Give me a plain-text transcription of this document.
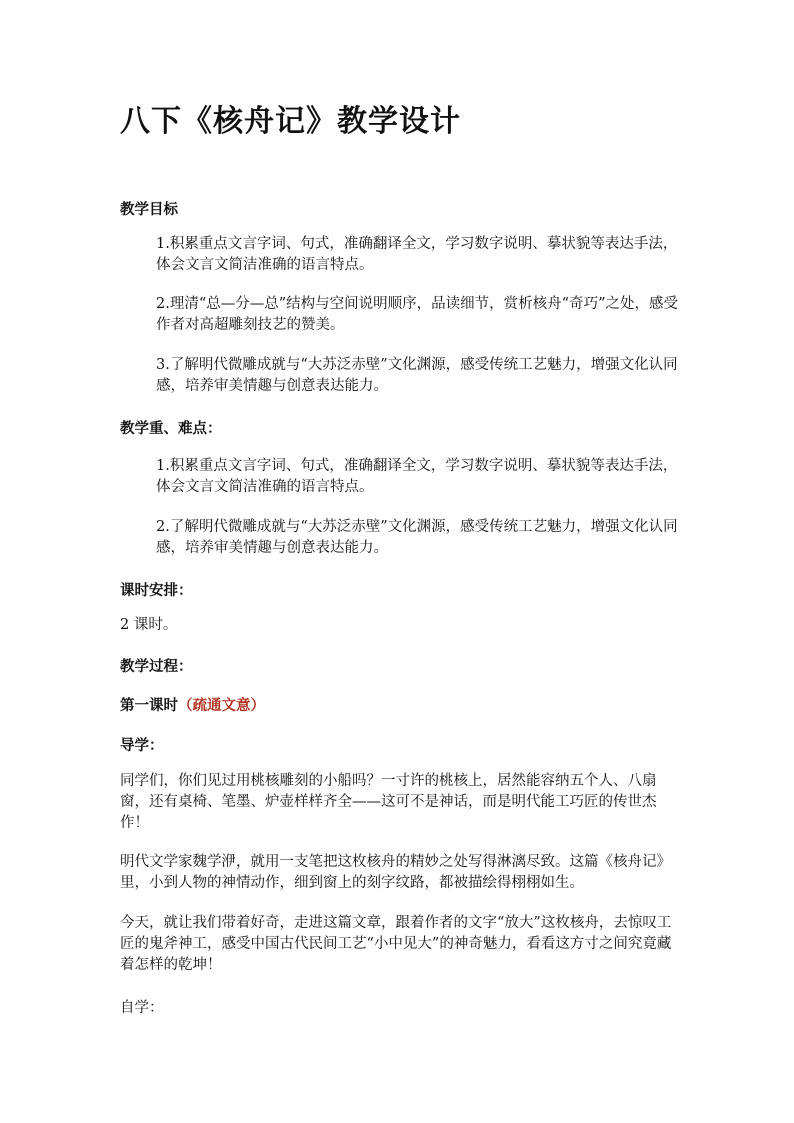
八下《核舟记》教学设计
教学目标

1.积累重点文言字词、句式，准确翻译全文，学习数字说明、摹状貌等表达手法，体会文言文简洁准确的语言特点。

2.理清“总—分—总”结构与空间说明顺序，品读细节，赏析核舟“奇巧”之处，感受作者对高超雕刻技艺的赞美。

3.了解明代微雕成就与“大苏泛赤壁”文化渊源，感受传统工艺魅力，增强文化认同感，培养审美情趣与创意表达能力。

教学重、难点：

1.积累重点文言字词、句式，准确翻译全文，学习数字说明、摹状貌等表达手法，体会文言文简洁准确的语言特点。

2.了解明代微雕成就与“大苏泛赤壁”文化渊源，感受传统工艺魅力，增强文化认同感，培养审美情趣与创意表达能力。

课时安排：

2 课时。

教学过程：
第一课时（疏通文意）
导学：

同学们，你们见过用桃核雕刻的小船吗？一寸许的桃核上，居然能容纳五个人、八扇窗，还有桌椅、笔墨、炉壶样样齐全——这可不是神话，而是明代能工巧匠的传世杰作！

明代文学家魏学洢，就用一支笔把这枚核舟的精妙之处写得淋漓尽致。这篇《核舟记》里，小到人物的神情动作，细到窗上的刻字纹路，都被描绘得栩栩如生。

今天，就让我们带着好奇，走进这篇文章，跟着作者的文字“放大”这枚核舟，去惊叹工匠的鬼斧神工，感受中国古代民间工艺“小中见大”的神奇魅力，看看这方寸之间究竟藏着怎样的乾坤！

自学：
